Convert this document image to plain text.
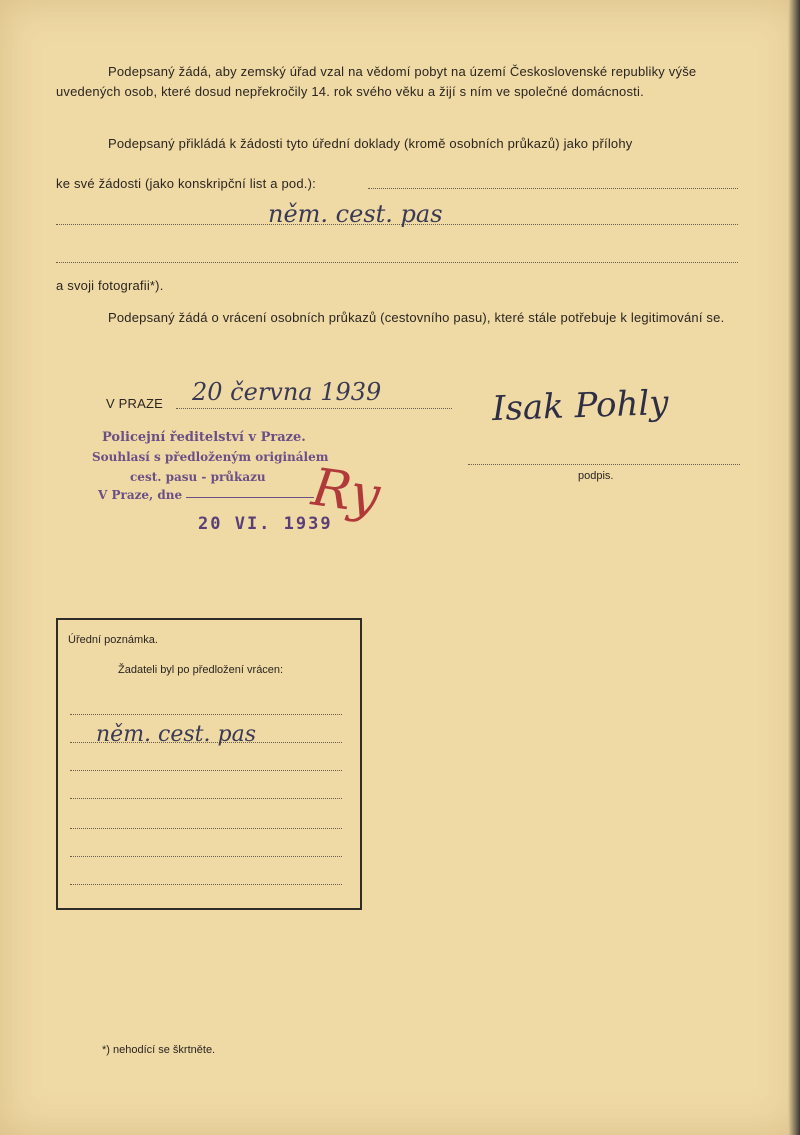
Podepsaný žádá, aby zemský úřad vzal na vědomí pobyt na území Československé republiky výše uvedených osob, které dosud nepřekročily 14. rok svého věku a žijí s ním ve společné domácnosti.
Podepsaný přikládá k žádosti tyto úřední doklady (kromě osobních průkazů) jako přílohy
ke své žádosti (jako konskripční list a pod.):
něm. cest. pas
a svoji fotografii*).
Podepsaný žádá o vrácení osobních průkazů (cestovního pasu), které stále potřebuje k legitimování se.
V PRAZE 20 června 1939	Isak Pohly
podpis.
Policejní ředitelství v Praze.
Souhlasí s předloženým originálem
cest. pasu - průkazu
V Praze, dne
20 VI. 1939
Ry
Úřední poznámka.
Žadateli byl po předložení vrácen:
něm. cest. pas
*) nehodící se škrtněte.
